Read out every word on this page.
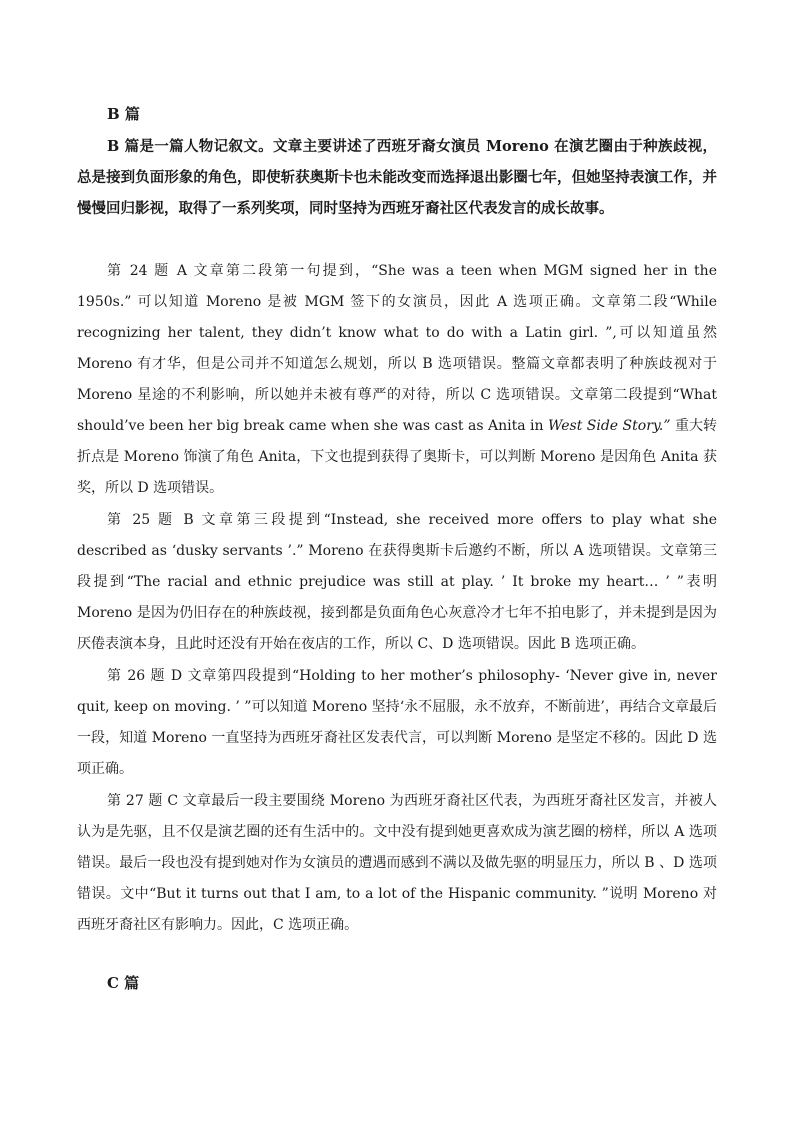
B 篇

B 篇是一篇人物记叙文。文章主要讲述了西班牙裔女演员 Moreno 在演艺圈由于种族歧视，总是接到负面形象的角色，即使斩获奥斯卡也未能改变而选择退出影圈七年，但她坚持表演工作，并慢慢回归影视，取得了一系列奖项，同时坚持为西班牙裔社区代表发言的成长故事。

第 24 题 A 文章第二段第一句提到，“She was a teen when MGM signed her in the 1950s.” 可以知道 Moreno 是被 MGM 签下的女演员，因此 A 选项正确。文章第二段“While recognizing her talent, they didn’t know what to do with a Latin girl. ”,可以知道虽然 Moreno 有才华，但是公司并不知道怎么规划，所以 B 选项错误。整篇文章都表明了种族歧视对于 Moreno 星途的不利影响，所以她并未被有尊严的对待，所以 C 选项错误。文章第二段提到“What should’ve been her big break came when she was cast as Anita in West Side Story.” 重大转折点是 Moreno 饰演了角色 Anita，下文也提到获得了奥斯卡，可以判断 Moreno 是因角色 Anita 获奖，所以 D 选项错误。

第 25 题 B 文章第三段提到“Instead, she received more offers to play what she described as ‘dusky servants ’.” Moreno 在获得奥斯卡后邀约不断，所以 A 选项错误。文章第三段提到“The racial and ethnic prejudice was still at play. ’ It broke my heart… ’ ”表明 Moreno 是因为仍旧存在的种族歧视，接到都是负面角色心灰意冷才七年不拍电影了，并未提到是因为厌倦表演本身，且此时还没有开始在夜店的工作，所以 C、D 选项错误。因此 B 选项正确。

第 26 题 D 文章第四段提到“Holding to her mother’s philosophy- ‘Never give in, never quit, keep on moving. ’ ”可以知道 Moreno 坚持‘永不屈服，永不放弃，不断前进’，再结合文章最后一段，知道 Moreno 一直坚持为西班牙裔社区发表代言，可以判断 Moreno 是坚定不移的。因此 D 选项正确。

第 27 题 C 文章最后一段主要围绕 Moreno 为西班牙裔社区代表，为西班牙裔社区发言，并被人认为是先驱，且不仅是演艺圈的还有生活中的。文中没有提到她更喜欢成为演艺圈的榜样，所以 A 选项错误。最后一段也没有提到她对作为女演员的遭遇而感到不满以及做先驱的明显压力，所以 B 、D 选项错误。文中“But it turns out that I am, to a lot of the Hispanic community. ”说明 Moreno 对西班牙裔社区有影响力。因此，C 选项正确。

C 篇
